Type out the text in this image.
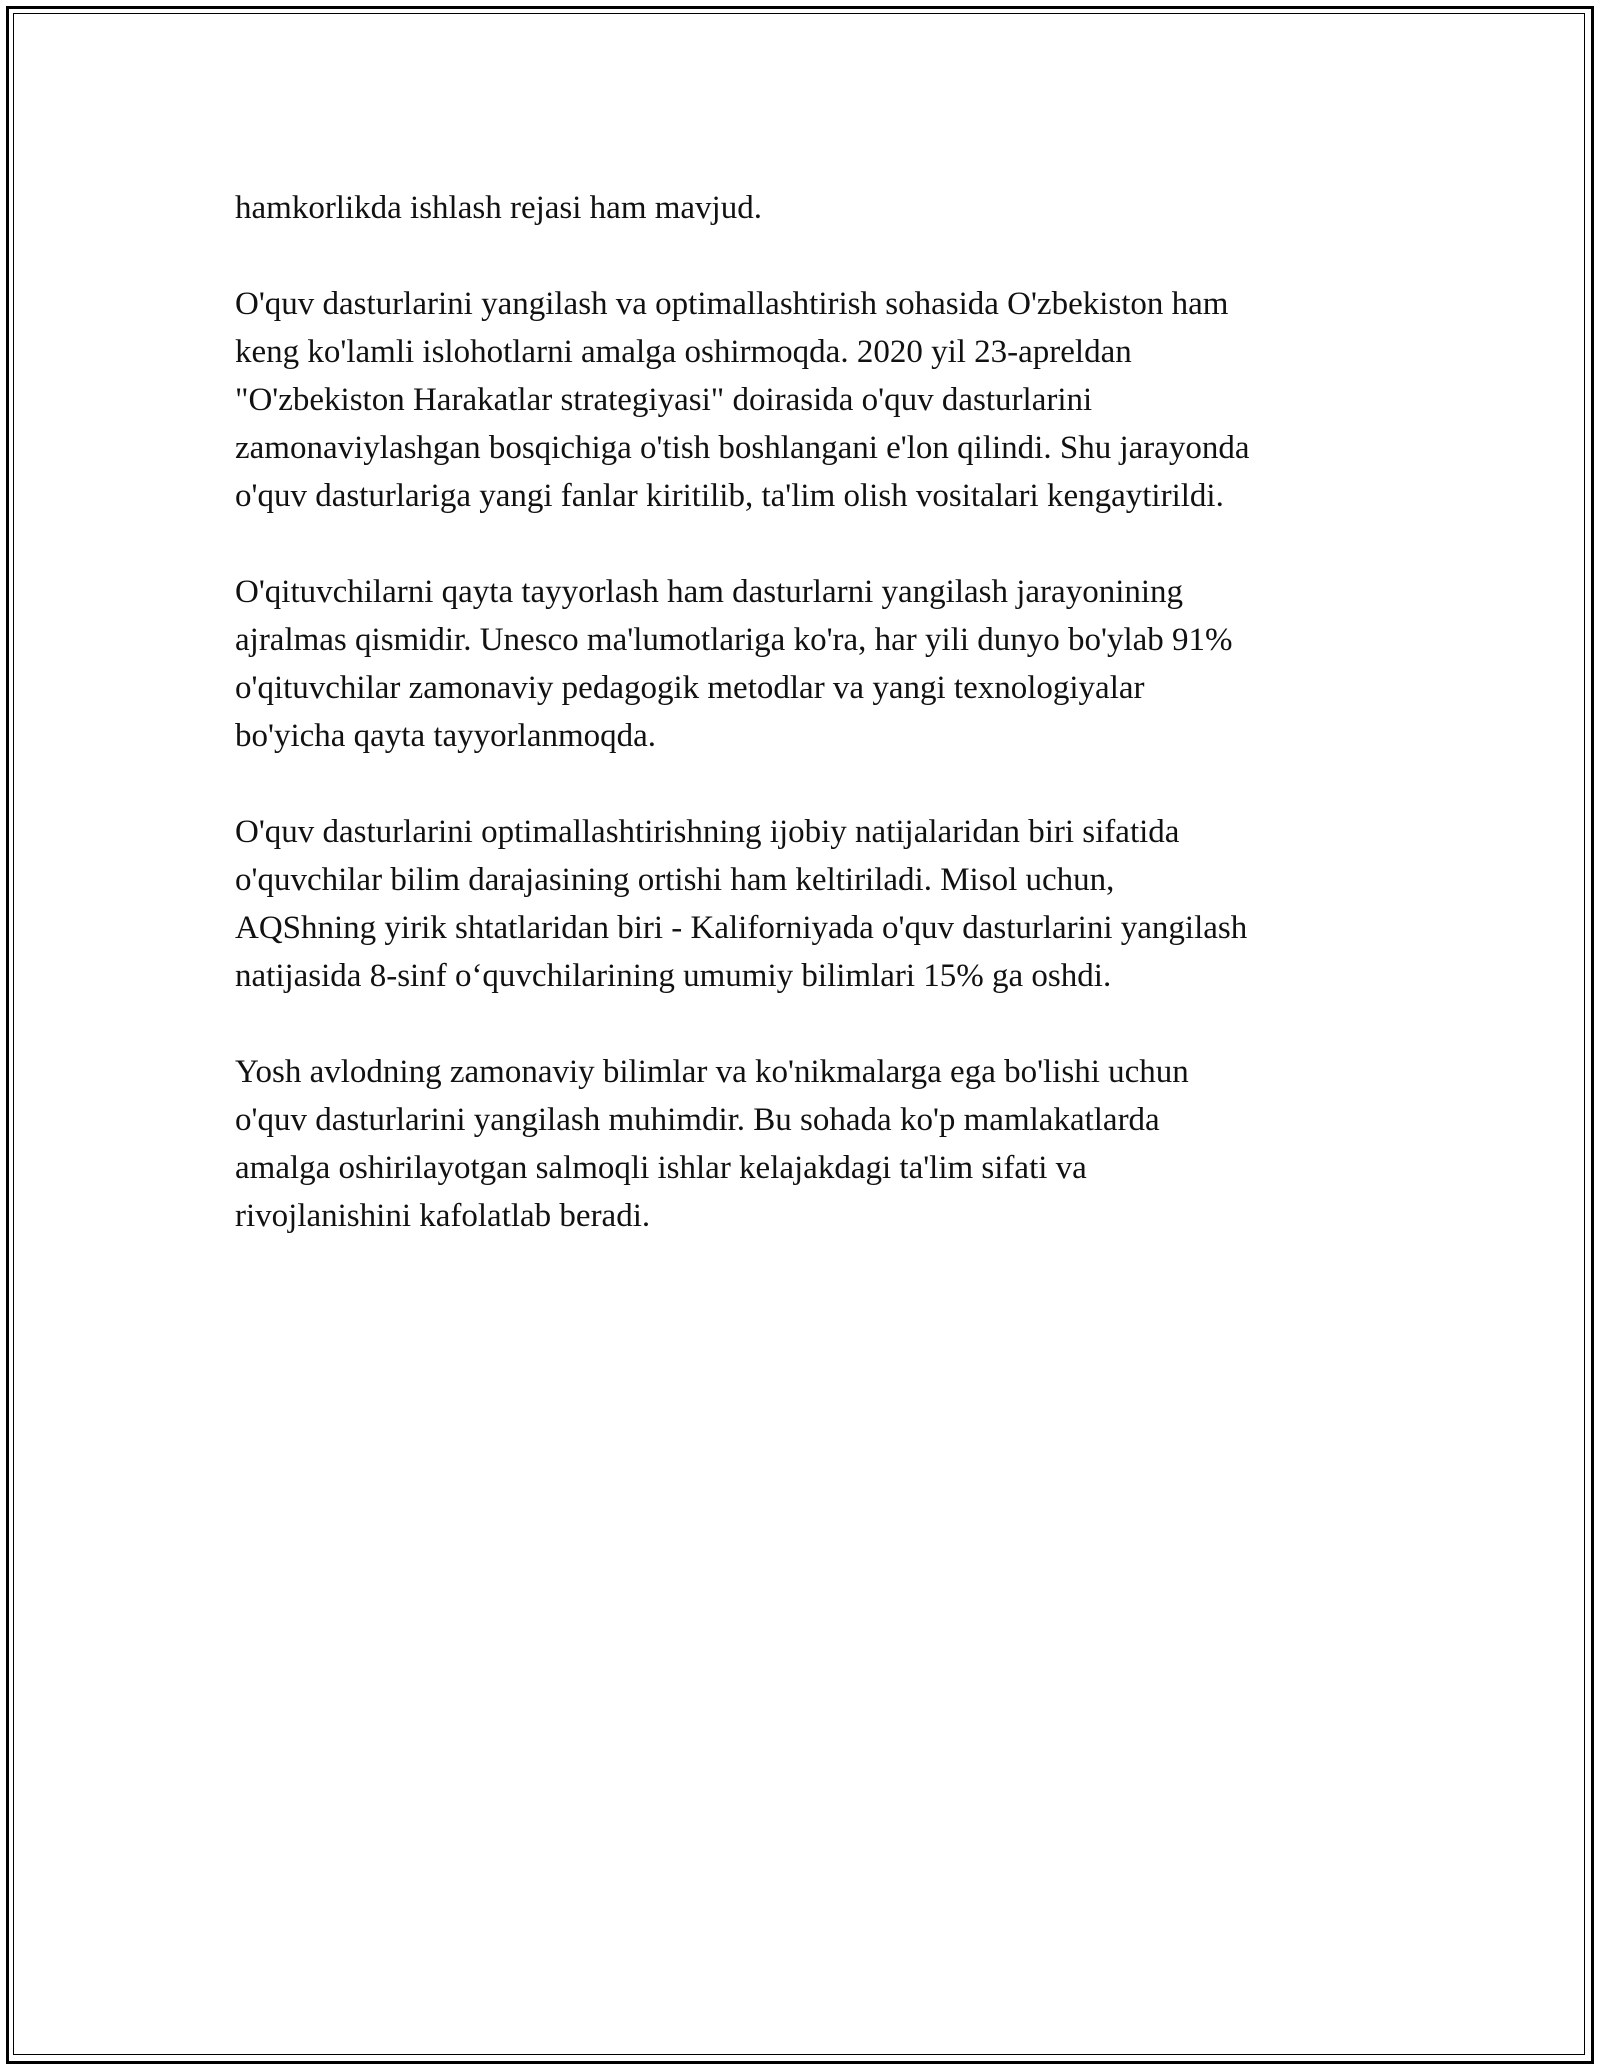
hamkorlikda ishlash rejasi ham mavjud.

O'quv dasturlarini yangilash va optimallashtirish sohasida O'zbekiston ham
keng ko'lamli islohotlarni amalga oshirmoqda. 2020 yil 23-apreldan
"O'zbekiston Harakatlar strategiyasi" doirasida o'quv dasturlarini
zamonaviylashgan bosqichiga o'tish boshlangani e'lon qilindi. Shu jarayonda
o'quv dasturlariga yangi fanlar kiritilib, ta'lim olish vositalari kengaytirildi.

O'qituvchilarni qayta tayyorlash ham dasturlarni yangilash jarayonining
ajralmas qismidir. Unesco ma'lumotlariga ko'ra, har yili dunyo bo'ylab 91%
o'qituvchilar zamonaviy pedagogik metodlar va yangi texnologiyalar
bo'yicha qayta tayyorlanmoqda.

O'quv dasturlarini optimallashtirishning ijobiy natijalaridan biri sifatida
o'quvchilar bilim darajasining ortishi ham keltiriladi. Misol uchun,
AQShning yirik shtatlaridan biri - Kaliforniyada o'quv dasturlarini yangilash
natijasida 8-sinf o‘quvchilarining umumiy bilimlari 15% ga oshdi.

Yosh avlodning zamonaviy bilimlar va ko'nikmalarga ega bo'lishi uchun
o'quv dasturlarini yangilash muhimdir. Bu sohada ko'p mamlakatlarda
amalga oshirilayotgan salmoqli ishlar kelajakdagi ta'lim sifati va
rivojlanishini kafolatlab beradi.
